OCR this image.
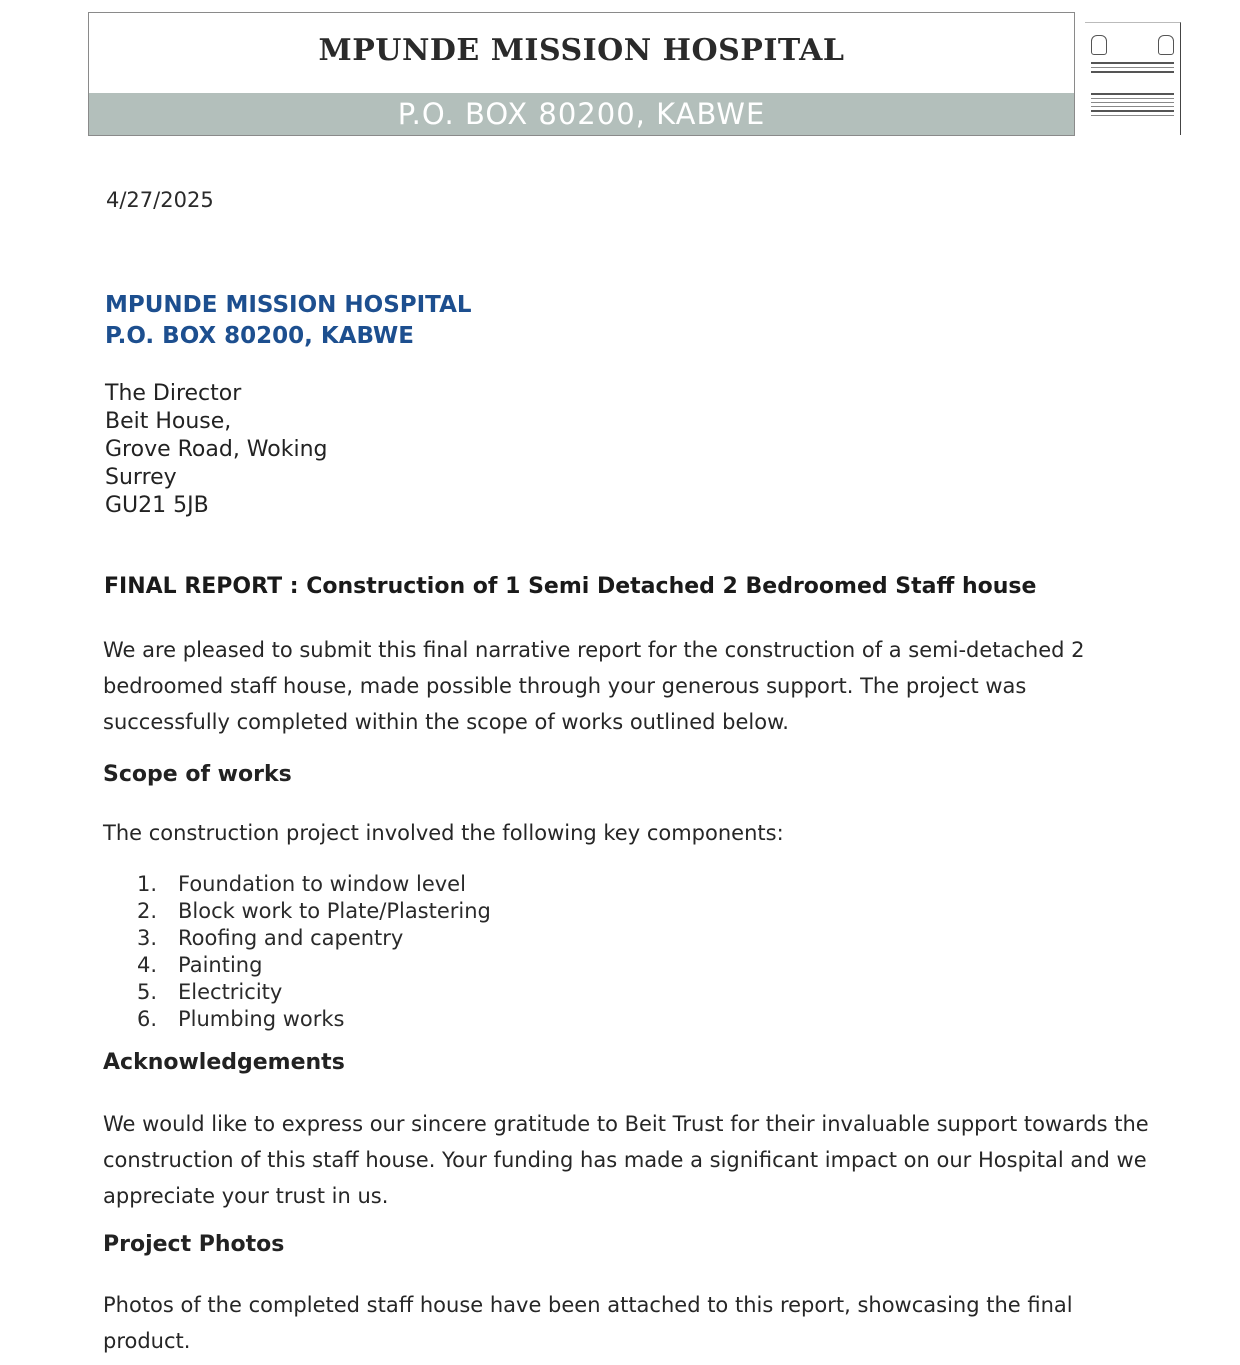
MPUNDE MISSION HOSPITAL
P.O. BOX 80200, KABWE
4/27/2025
MPUNDE MISSION HOSPITAL
P.O. BOX 80200, KABWE
The Director
Beit House,
Grove Road, Woking
Surrey
GU21 5JB
FINAL REPORT : Construction of 1 Semi Detached 2 Bedroomed Staff house
We are pleased to submit this final narrative report for the construction of a semi-detached 2 bedroomed staff house, made possible through your generous support. The project was successfully completed within the scope of works outlined below.
Scope of works
The construction project involved the following key components:
1. Foundation to window level
2. Block work to Plate/Plastering
3. Roofing and capentry
4. Painting
5. Electricity
6. Plumbing works
Acknowledgements
We would like to express our sincere gratitude to Beit Trust for their invaluable support towards the construction of this staff house. Your funding has made a significant impact on our Hospital and we appreciate your trust in us.
Project Photos
Photos of the completed staff house have been attached to this report, showcasing the final product.
